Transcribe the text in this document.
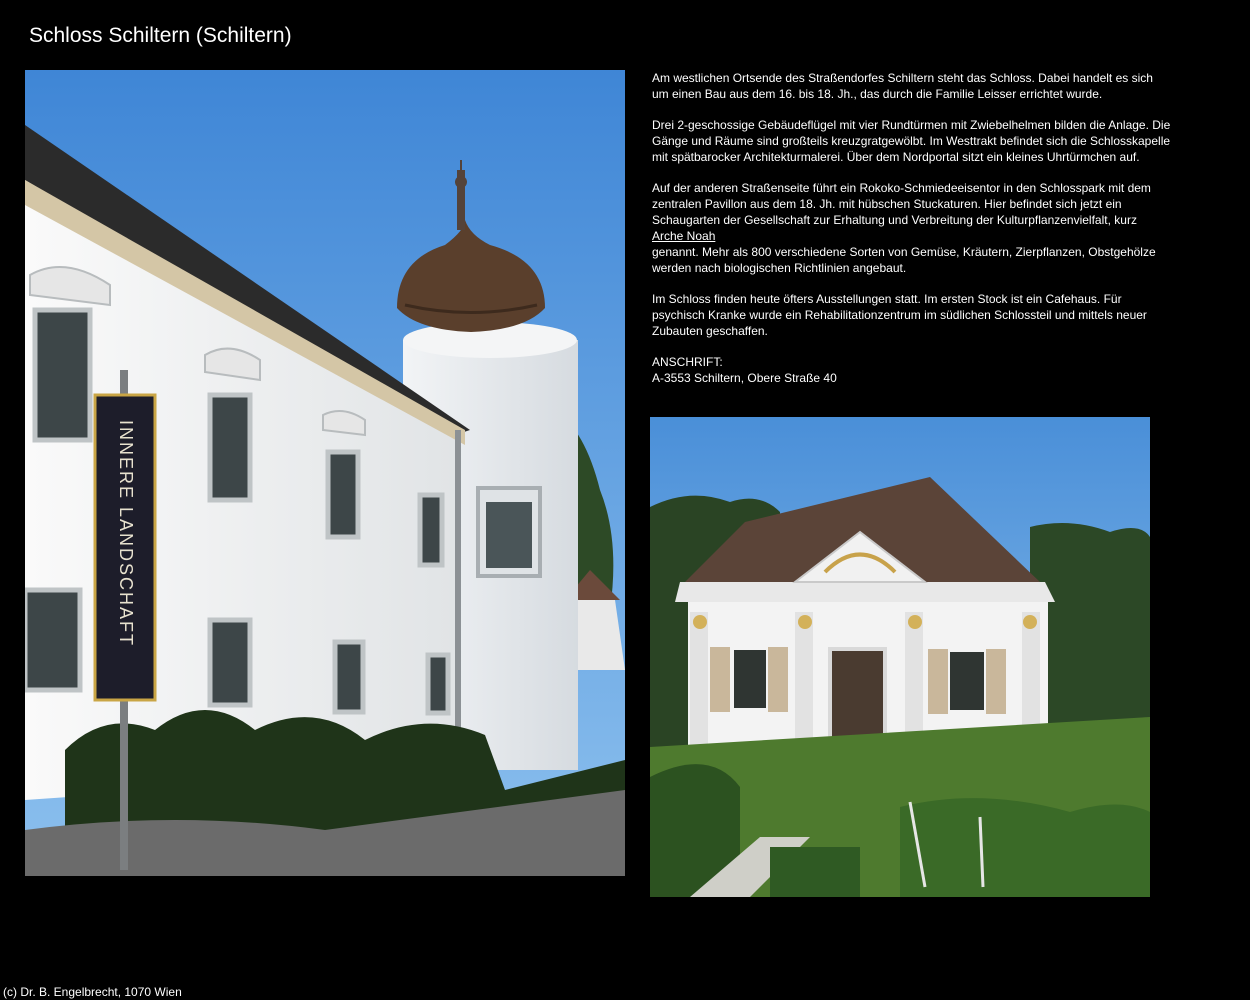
Schloss Schiltern (Schiltern)
INNERE LANDSCHAFT

Am westlichen Ortsende des Straßendorfes Schiltern steht das Schloss. Dabei handelt es sich um einen Bau aus dem 16. bis 18. Jh., das durch die Familie Leisser errichtet wurde.

Drei 2-geschossige Gebäudeflügel mit vier Rundtürmen mit Zwiebelhelmen bilden die Anlage. Die Gänge und Räume sind großteils kreuzgratgewölbt. Im Westtrakt befindet sich die Schlosskapelle mit spätbarocker Architekturmalerei. Über dem Nordportal sitzt ein kleines Uhrtürmchen auf.

Auf der anderen Straßenseite führt ein Rokoko-Schmiedeeisentor in den Schlosspark mit dem zentralen Pavillon aus dem 18. Jh. mit hübschen Stuckaturen. Hier befindet sich jetzt ein Schaugarten der Gesellschaft zur Erhaltung und Verbreitung der Kulturpflanzenvielfalt, kurz
Arche Noah
genannt. Mehr als 800 verschiedene Sorten von Gemüse, Kräutern, Zierpflanzen, Obstgehölze werden nach biologischen Richtlinien angebaut.

Im Schloss finden heute öfters Ausstellungen statt. Im ersten Stock ist ein Cafehaus. Für psychisch Kranke wurde ein Rehabilitationzentrum im südlichen Schlossteil und mittels neuer Zubauten geschaffen.

ANSCHRIFT:
A-3553 Schiltern, Obere Straße 40
(c) Dr. B. Engelbrecht, 1070 Wien
